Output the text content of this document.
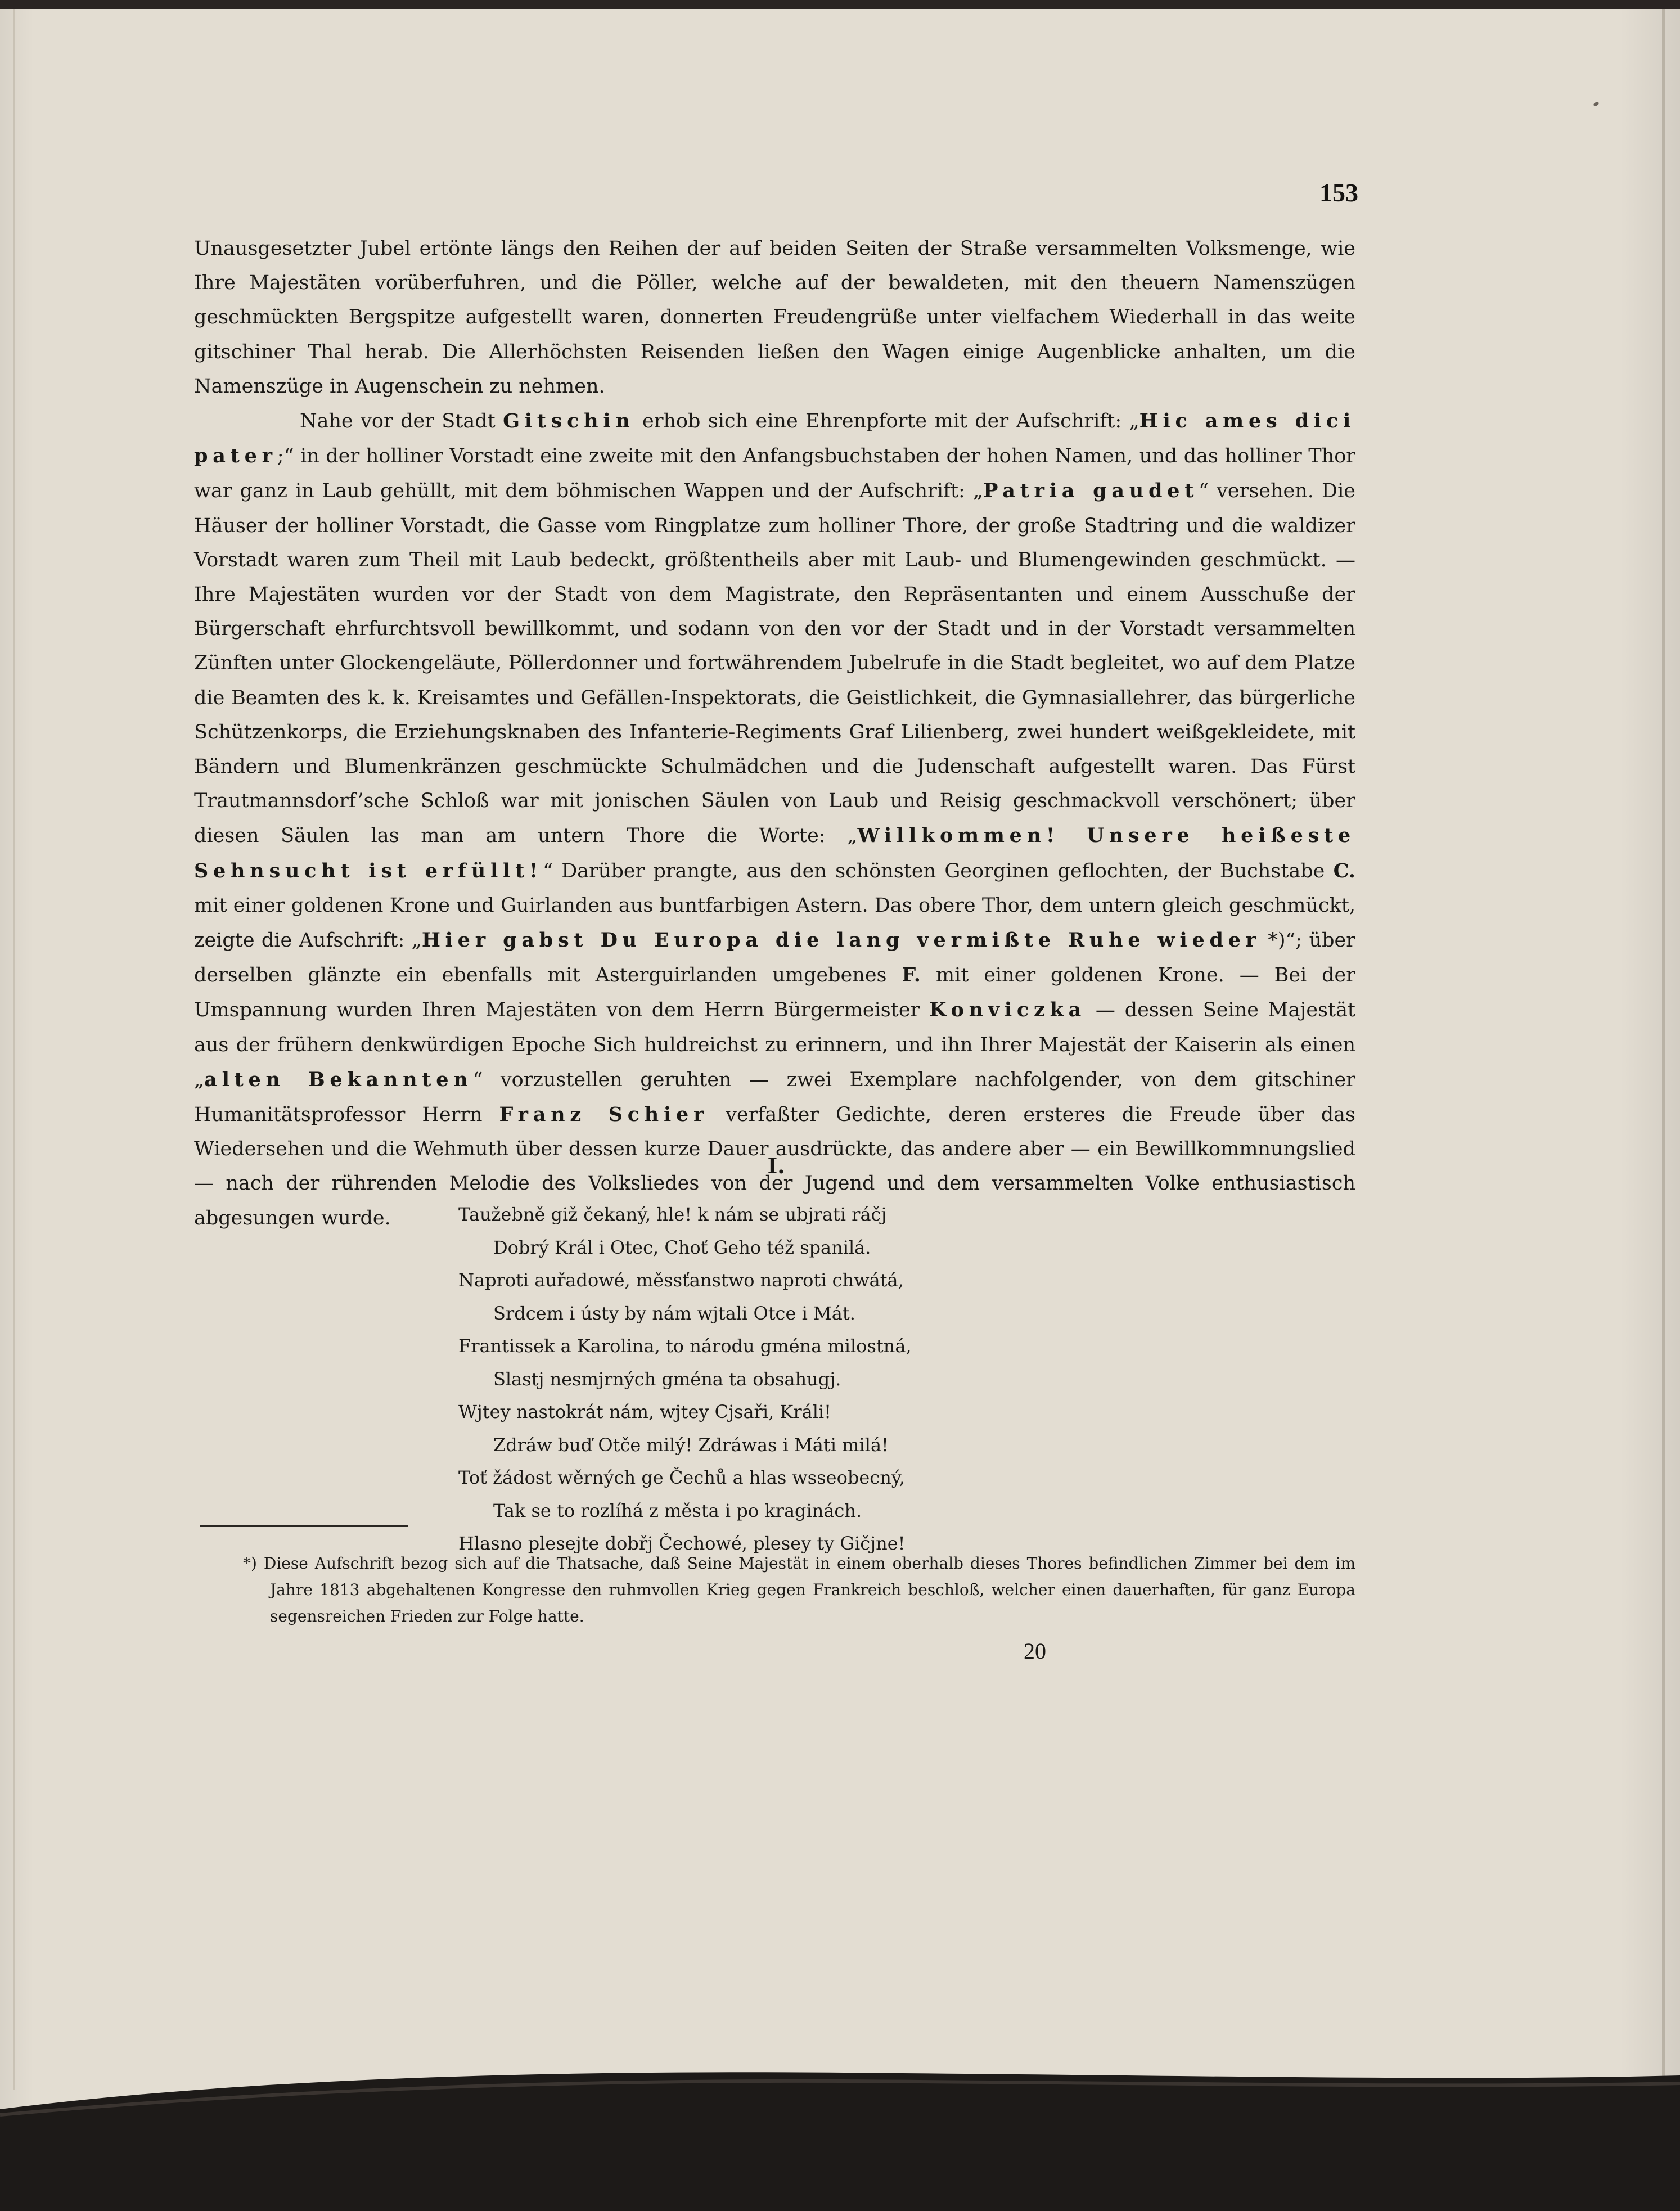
153

Unausgesetzter Jubel ertönte längs den Reihen der auf beiden Seiten der Straße versammelten Volksmenge, wie Ihre Majestäten vorüberfuhren, und die Pöller, welche auf der bewaldeten, mit den theuern Namenszügen geschmückten Bergspitze aufgestellt waren, donnerten Freudengrüße unter vielfachem Wiederhall in das weite gitschiner Thal herab. Die Allerhöchsten Reisenden ließen den Wagen einige Augenblicke anhalten, um die Namenszüge in Augenschein zu nehmen.

Nahe vor der Stadt Gitschin erhob sich eine Ehrenpforte mit der Aufschrift: „Hic ames dici pater;“ in der holliner Vorstadt eine zweite mit den Anfangsbuchstaben der hohen Namen, und das holliner Thor war ganz in Laub gehüllt, mit dem böhmischen Wappen und der Aufschrift: „Patria gaudet“ versehen. Die Häuser der holliner Vorstadt, die Gasse vom Ringplatze zum holliner Thore, der große Stadtring und die waldizer Vorstadt waren zum Theil mit Laub bedeckt, größtentheils aber mit Laub- und Blumengewinden geschmückt. — Ihre Majestäten wurden vor der Stadt von dem Magistrate, den Repräsentanten und einem Ausschuße der Bürgerschaft ehrfurchtsvoll bewillkommt, und sodann von den vor der Stadt und in der Vorstadt versammelten Zünften unter Glockengeläute, Pöllerdonner und fortwährendem Jubelrufe in die Stadt begleitet, wo auf dem Platze die Beamten des k. k. Kreisamtes und Gefällen-Inspektorats, die Geistlichkeit, die Gymnasiallehrer, das bürgerliche Schützenkorps, die Erziehungsknaben des Infanterie-Regiments Graf Lilienberg, zwei hundert weißgekleidete, mit Bändern und Blumenkränzen geschmückte Schulmädchen und die Judenschaft aufgestellt waren. Das Fürst Trautmannsdorf’sche Schloß war mit jonischen Säulen von Laub und Reisig geschmackvoll verschönert; über diesen Säulen las man am untern Thore die Worte: „Willkommen! Unsere heißeste Sehnsucht ist erfüllt!“ Darüber prangte, aus den schönsten Georginen geflochten, der Buchstabe C. mit einer goldenen Krone und Guirlanden aus buntfarbigen Astern. Das obere Thor, dem untern gleich geschmückt, zeigte die Aufschrift: „Hier gabst Du Europa die lang vermißte Ruhe wieder *)“; über derselben glänzte ein ebenfalls mit Asterguirlanden umgebenes F. mit einer goldenen Krone. — Bei der Umspannung wurden Ihren Majestäten von dem Herrn Bürgermeister Konviczka — dessen Seine Majestät aus der frühern denkwürdigen Epoche Sich huldreichst zu erinnern, und ihn Ihrer Majestät der Kaiserin als einen „alten Bekannten“ vorzustellen geruhten — zwei Exemplare nachfolgender, von dem gitschiner Humanitätsprofessor Herrn Franz Schier verfaßter Gedichte, deren ersteres die Freude über das Wiedersehen und die Wehmuth über dessen kurze Dauer ausdrückte, das andere aber — ein Bewillkommnungslied — nach der rührenden Melodie des Volksliedes von der Jugend und dem versammelten Volke enthusiastisch abgesungen wurde.

I.
Taužebně giž čekaný, hle! k nám se ubjrati ráčj
Dobrý Král i Otec, Choť Geho též spanilá.
Naproti auřadowé, měssťanstwo naproti chwátá,
Srdcem i ústy by nám wjtali Otce i Mát.
Frantissek a Karolina, to národu gména milostná,
Slastj nesmjrných gména ta obsahugj.
Wjtey nastokrát nám, wjtey Cjsaři, Králi!
Zdráw buď Otče milý! Zdráwas i Máti milá!
Toť žádost wěrných ge Čechů a hlas wsseobecný,
Tak se to rozlíhá z města i po kraginách.
Hlasno plesejte dobřj Čechowé, plesey ty Gičjne!
*) Diese Aufschrift bezog sich auf die Thatsache, daß Seine Majestät in einem oberhalb dieses Thores befindlichen Zimmer bei dem im Jahre 1813 abgehaltenen Kongresse den ruhmvollen Krieg gegen Frankreich beschloß, welcher einen dauerhaften, für ganz Europa segensreichen Frieden zur Folge hatte.
20
